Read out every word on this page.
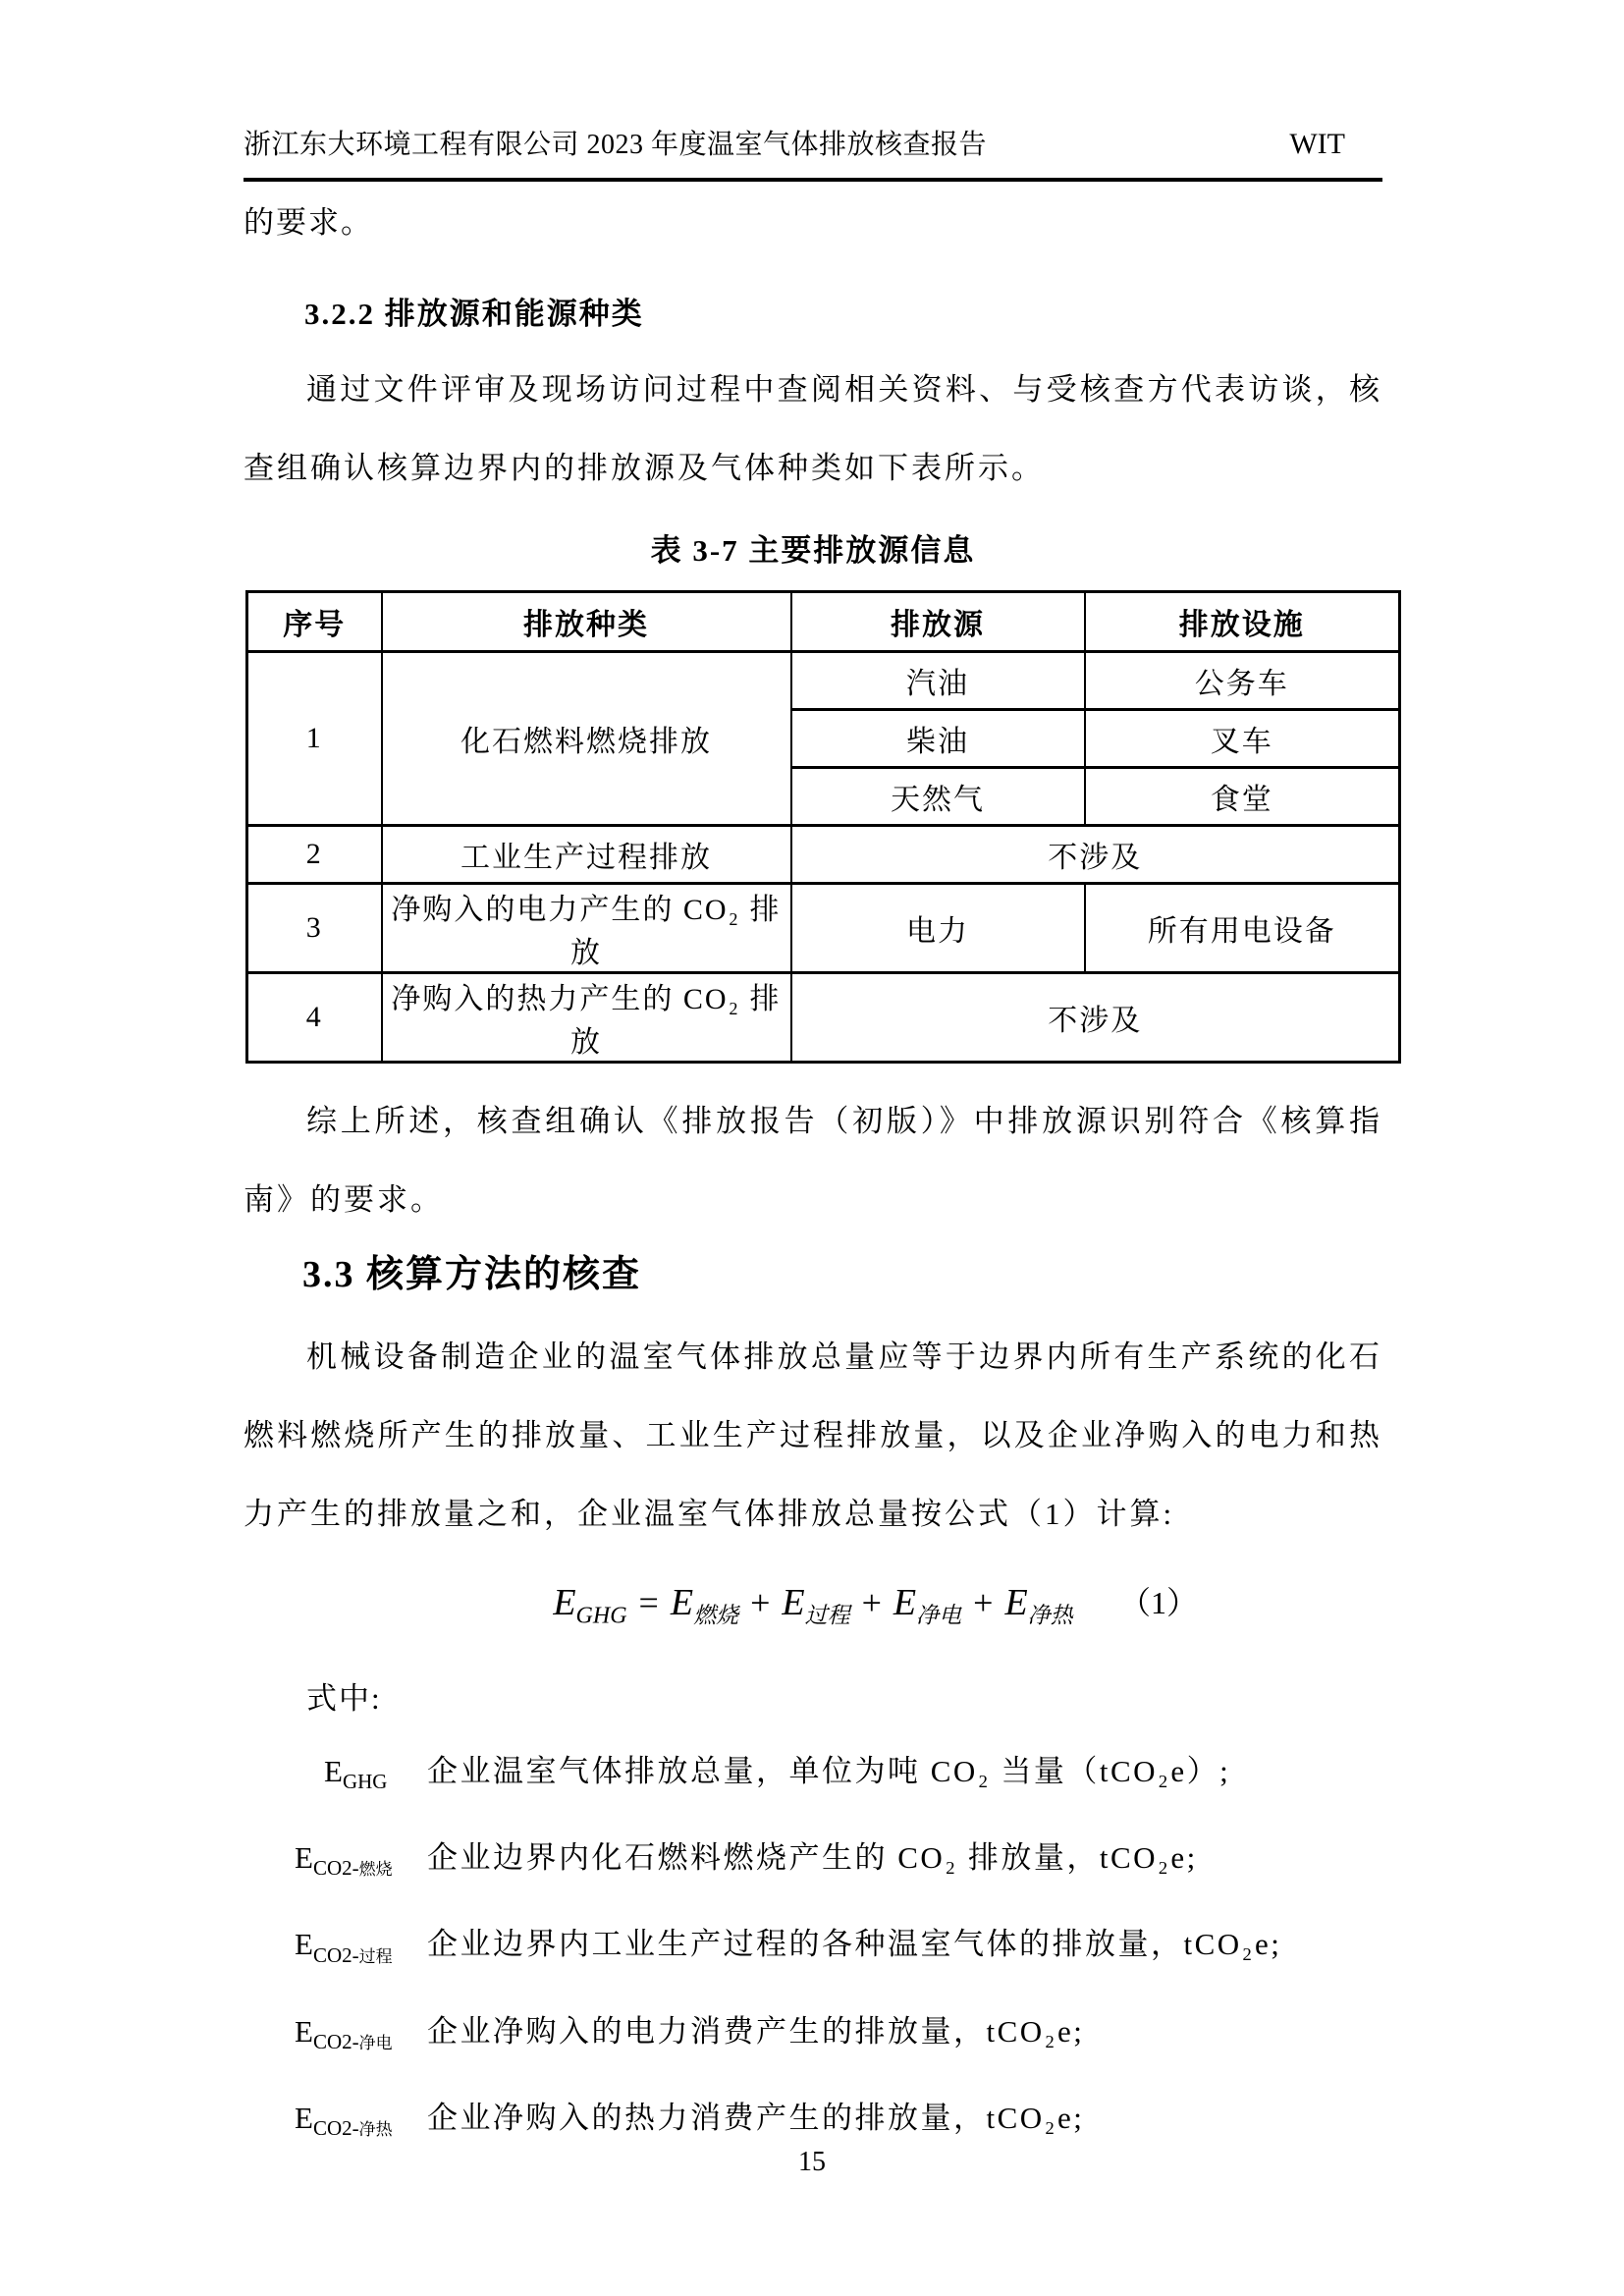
浙江东大环境工程有限公司 2023 年度温室气体排放核查报告	WIT

的要求。

3.2.2 排放源和能源种类

通过文件评审及现场访问过程中查阅相关资料、与受核查方代表访谈，核查组确认核算边界内的排放源及气体种类如下表所示。

表 3-7 主要排放源信息
序号	排放种类	排放源	排放设施
1	化石燃料燃烧排放	汽油	公务车
		柴油	叉车
		天然气	食堂
2	工业生产过程排放	不涉及	
3	净购入的电力产生的 CO₂ 排放	电力	所有用电设备
4	净购入的热力产生的 CO₂ 排放	不涉及	

综上所述，核查组确认《排放报告（初版）》中排放源识别符合《核算指南》的要求。

3.3 核算方法的核查

机械设备制造企业的温室气体排放总量应等于边界内所有生产系统的化石燃料燃烧所产生的排放量、工业生产过程排放量，以及企业净购入的电力和热力产生的排放量之和，企业温室气体排放总量按公式（1）计算:

$E_{GHG} = E_{燃烧} + E_{过程} + E_{净电} + E_{净热}$ （1）
式中:
$E_{GHG}$	企业温室气体排放总量，单位为吨 CO₂ 当量（tCO₂e）;
$E_{CO2-燃烧}$	企业边界内化石燃料燃烧产生的 CO₂ 排放量，tCO₂e;
$E_{CO2-过程}$	企业边界内工业生产过程的各种温室气体的排放量，tCO₂e;
$E_{CO2-净电}$	企业净购入的电力消费产生的排放量，tCO₂e;
$E_{CO2-净热}$	企业净购入的热力消费产生的排放量，tCO₂e;
15
